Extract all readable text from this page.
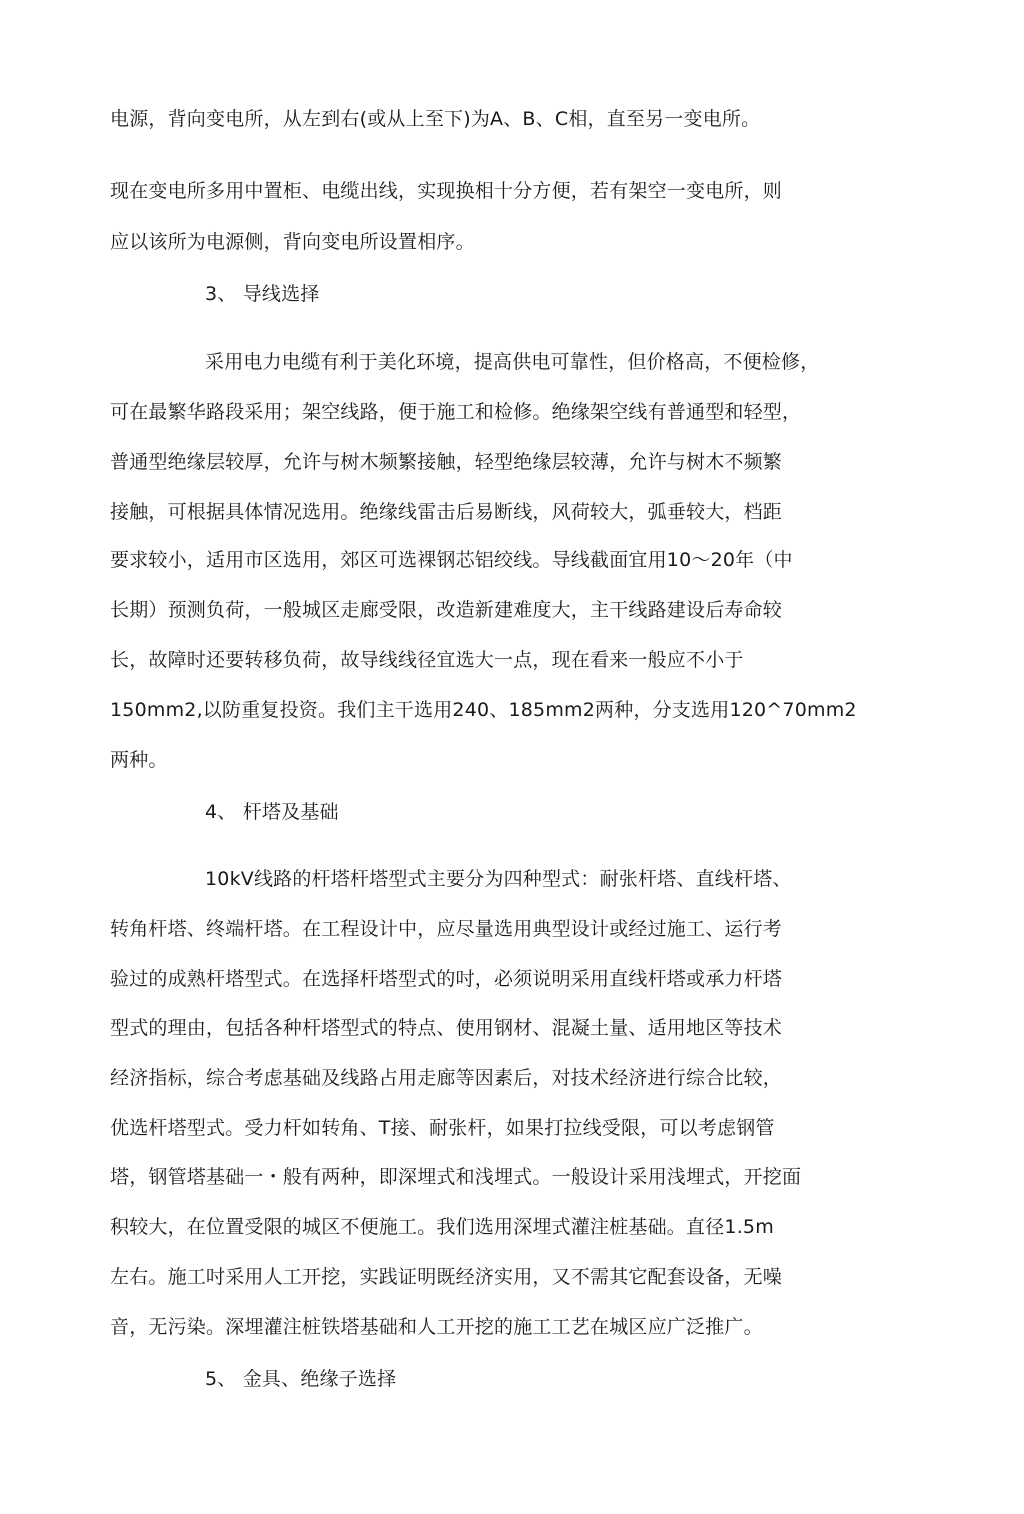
电源，背向变电所，从左到右(或从上至下)为A、B、C相，直至另一变电所。
现在变电所多用中置柜、电缆出线，实现换相十分方便，若有架空一变电所，则
应以该所为电源侧，背向变电所设置相序。
3、 导线选择
采用电力电缆有利于美化环境，提高供电可靠性，但价格高，不便检修，
可在最繁华路段采用；架空线路，便于施工和检修。绝缘架空线有普通型和轻型，
普通型绝缘层较厚，允许与树木频繁接触，轻型绝缘层较薄，允许与树木不频繁
接触，可根据具体情况选用。绝缘线雷击后易断线，风荷较大，弧垂较大，档距
要求较小，适用市区选用，郊区可选裸钢芯铝绞线。导线截面宜用10～20年（中
长期）预测负荷，一般城区走廊受限，改造新建难度大，主干线路建设后寿命较
长，故障时还要转移负荷，故导线线径宜选大一点，现在看来一般应不小于
150mm2,以防重复投资。我们主干选用240、185mm2两种，分支选用120^70mm2
两种。
4、 杆塔及基础
10kV线路的杆塔杆塔型式主要分为四种型式：耐张杆塔、直线杆塔、
转角杆塔、终端杆塔。在工程设计中，应尽量选用典型设计或经过施工、运行考
验过的成熟杆塔型式。在选择杆塔型式的吋，必须说明采用直线杆塔或承力杆塔
型式的理由，包括各种杆塔型式的特点、使用钢材、混凝土量、适用地区等技术
经济指标，综合考虑基础及线路占用走廊等因素后，对技术经济进行综合比较，
优选杆塔型式。受力杆如转角、T接、耐张杆，如果打拉线受限，可以考虑钢管
塔，钢管塔基础一・般有两种，即深埋式和浅埋式。一般设计采用浅埋式，开挖面
积较大，在位置受限的城区不便施工。我们选用深埋式灌注桩基础。直径1.5m
左右。施工吋采用人工开挖，实践证明既经济实用，又不需其它配套设备，无噪
音，无污染。深埋灌注桩铁塔基础和人工开挖的施工工艺在城区应广泛推广。
5、 金具、绝缘子选择
